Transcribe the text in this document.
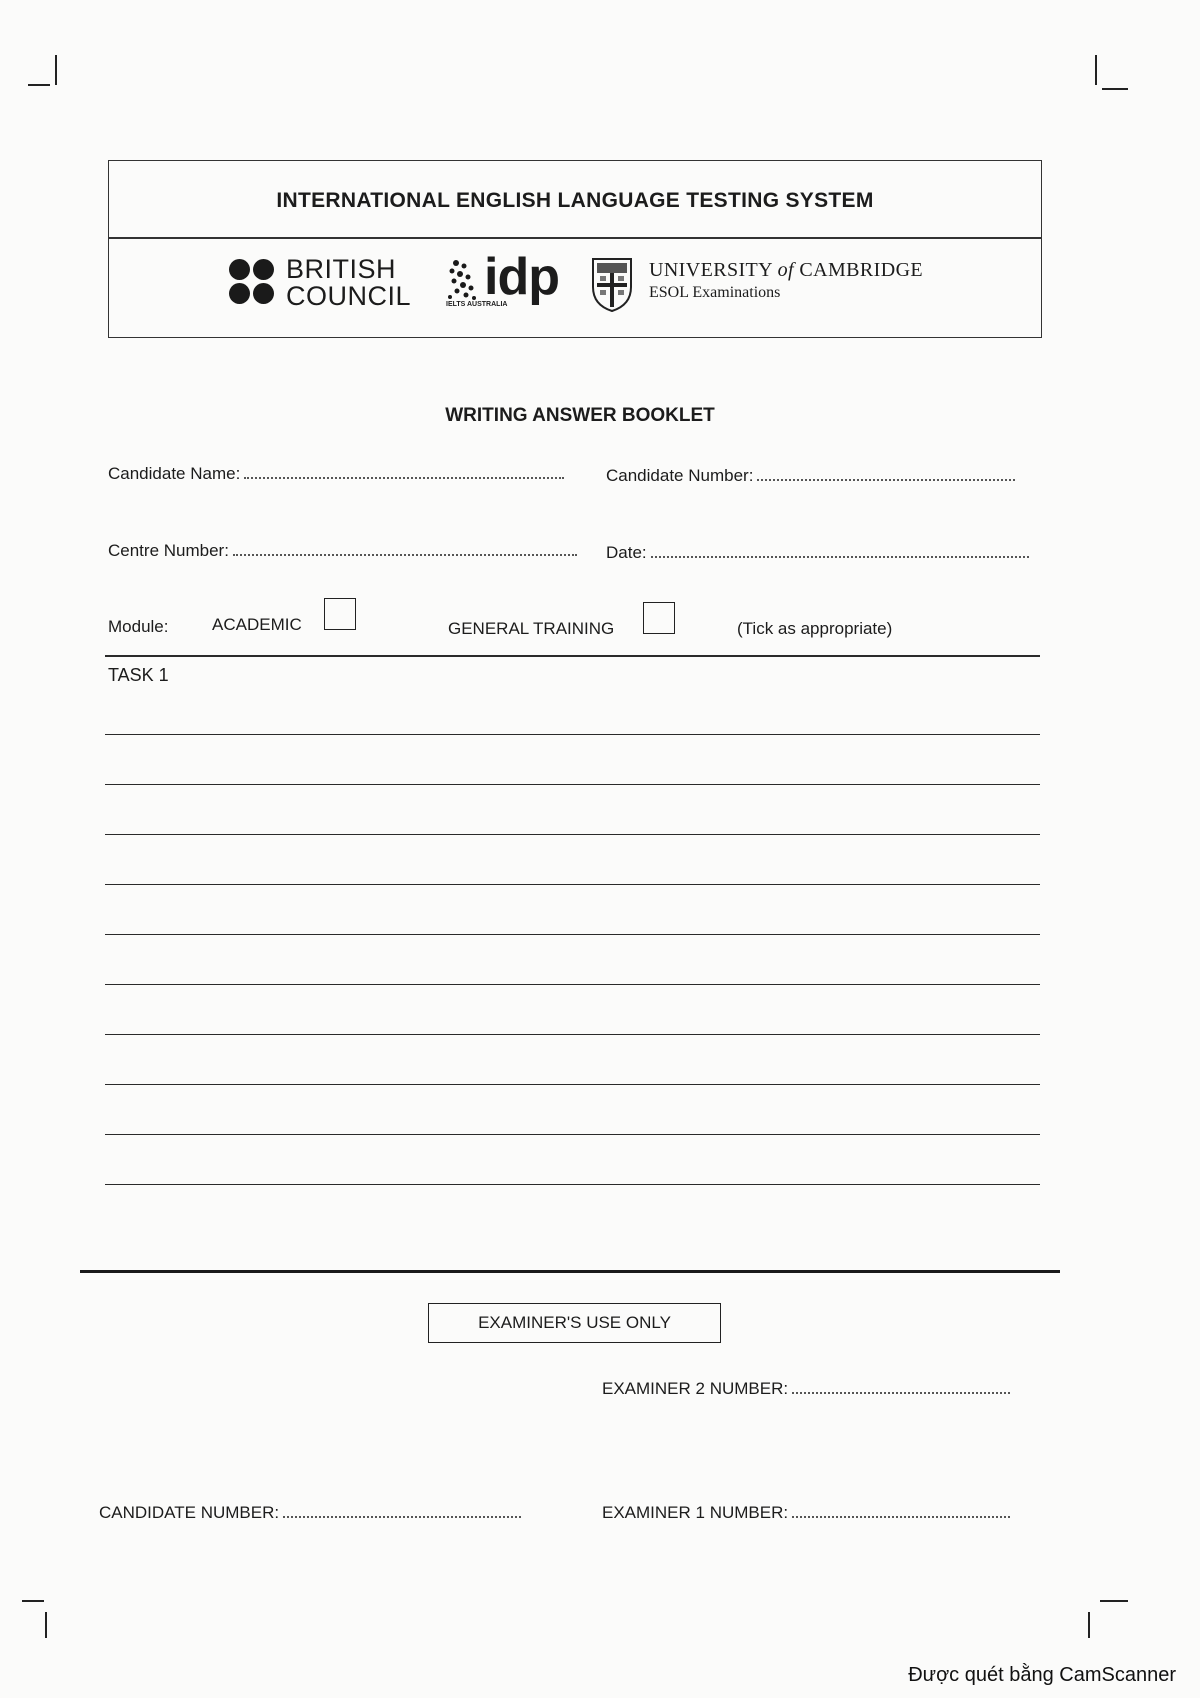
INTERNATIONAL ENGLISH LANGUAGE TESTING SYSTEM
BRITISH
COUNCIL idp
IELTS AUSTRALIA
UNIVERSITY of CAMBRIDGE
ESOL Examinations
WRITING ANSWER BOOKLET
Candidate Name:	Candidate Number:
Centre Number:	Date:
Module:	ACADEMIC	GENERAL TRAINING	(Tick as appropriate)
TASK 1
EXAMINER'S USE ONLY
EXAMINER 2 NUMBER:
CANDIDATE NUMBER:	EXAMINER 1 NUMBER:
Được quét bằng CamScanner
